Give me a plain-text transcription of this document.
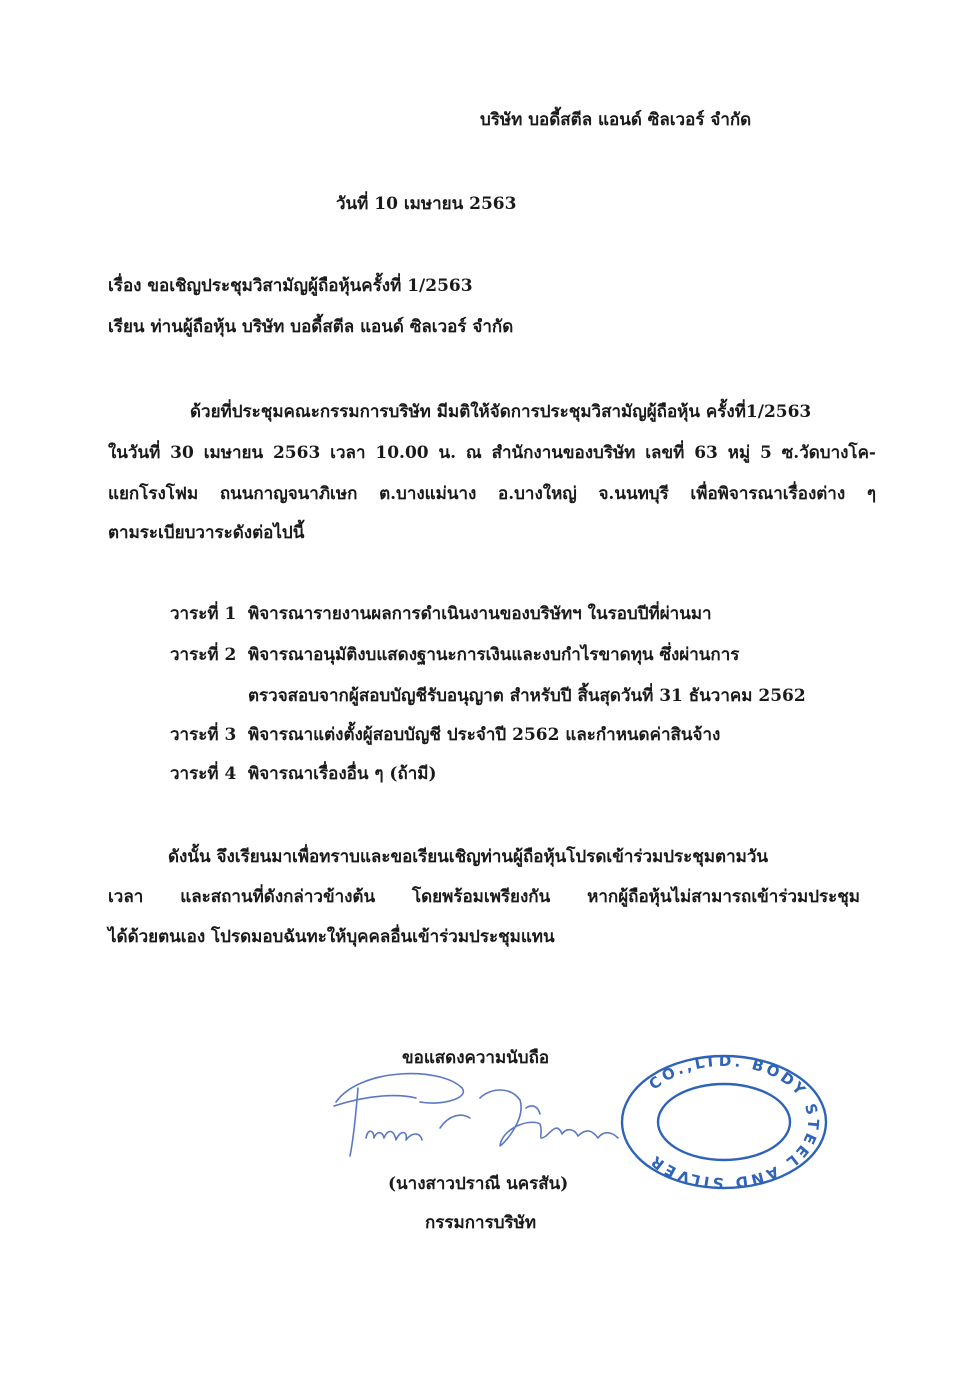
บริษัท บอดี้สตีล แอนด์ ซิลเวอร์ จำกัด
วันที่ 10 เมษายน 2563
เรื่อง ขอเชิญประชุมวิสามัญผู้ถือหุ้นครั้งที่ 1/2563
เรียน ท่านผู้ถือหุ้น บริษัท บอดี้สตีล แอนด์ ซิลเวอร์ จำกัด
ด้วยที่ประชุมคณะกรรมการบริษัท มีมติให้จัดการประชุมวิสามัญผู้ถือหุ้น ครั้งที่1/2563
ในวันที่ 30 เมษายน 2563 เวลา 10.00 น. ณ สำนักงานของบริษัท เลขที่ 63 หมู่ 5 ซ.วัดบางโค-
แยกโรงโฟม ถนนกาญจนาภิเษก ต.บางแม่นาง อ.บางใหญ่ จ.นนทบุรี เพื่อพิจารณาเรื่องต่าง ๆ
ตามระเบียบวาระดังต่อไปนี้
วาระที่ 1 พิจารณารายงานผลการดำเนินงานของบริษัทฯ ในรอบปีที่ผ่านมา
วาระที่ 2 พิจารณาอนุมัติงบแสดงฐานะการเงินและงบกำไรขาดทุน ซึ่งผ่านการ
ตรวจสอบจากผู้สอบบัญชีรับอนุญาต สำหรับปี สิ้นสุดวันที่ 31 ธันวาคม 2562
วาระที่ 3 พิจารณาแต่งตั้งผู้สอบบัญชี ประจำปี 2562 และกำหนดค่าสินจ้าง
วาระที่ 4 พิจารณาเรื่องอื่น ๆ (ถ้ามี)
ดังนั้น จึงเรียนมาเพื่อทราบและขอเรียนเชิญท่านผู้ถือหุ้นโปรดเข้าร่วมประชุมตามวัน
เวลา และสถานที่ดังกล่าวข้างต้น โดยพร้อมเพรียงกัน หากผู้ถือหุ้นไม่สามารถเข้าร่วมประชุม
ได้ด้วยตนเอง โปรดมอบฉันทะให้บุคคลอื่นเข้าร่วมประชุมแทน
ขอแสดงความนับถือ
CO.,LTD. BODY STEEL AND SILVER
(นางสาวปราณี นครสัน)
กรรมการบริษัท
